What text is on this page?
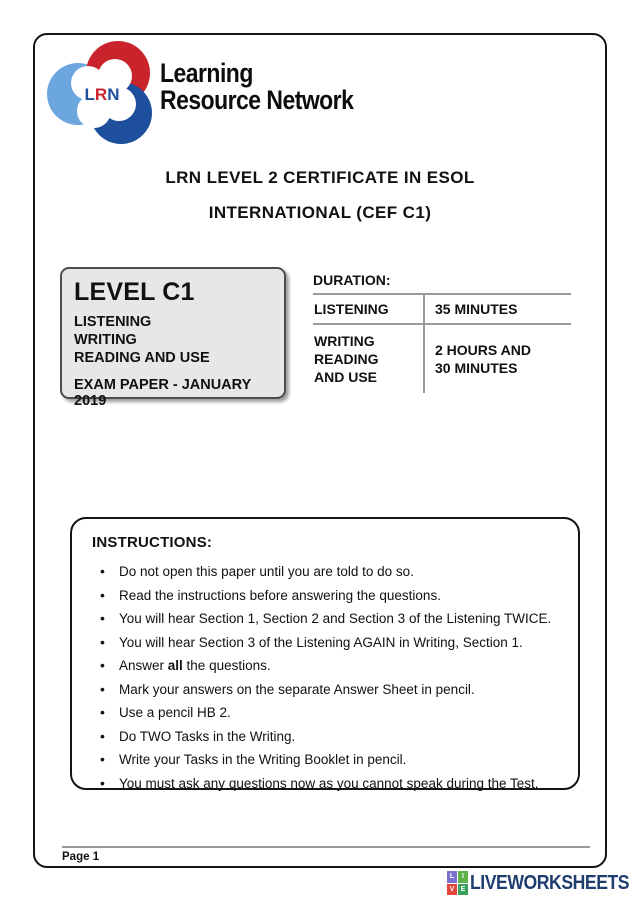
LRN
Learning
Resource Network
LRN LEVEL 2 CERTIFICATE IN ESOL
INTERNATIONAL (CEF C1)
LEVEL C1
LISTENING
WRITING
READING AND USE
EXAM PAPER - JANUARY 2019
DURATION:
LISTENING	35 MINUTES
WRITING
READING
AND USE
2 HOURS AND
30 MINUTES
INSTRUCTIONS:
• Do not open this paper until you are told to do so.
• Read the instructions before answering the questions.
• You will hear Section 1, Section 2 and Section 3 of the Listening TWICE.
• You will hear Section 3 of the Listening AGAIN in Writing, Section 1.
• Answer all the questions.
• Mark your answers on the separate Answer Sheet in pencil.
• Use a pencil HB 2.
• Do TWO Tasks in the Writing.
• Write your Tasks in the Writing Booklet in pencil.
• You must ask any questions now as you cannot speak during the Test.
Page 1
L	I
V E LIVEWORKSHEETS
